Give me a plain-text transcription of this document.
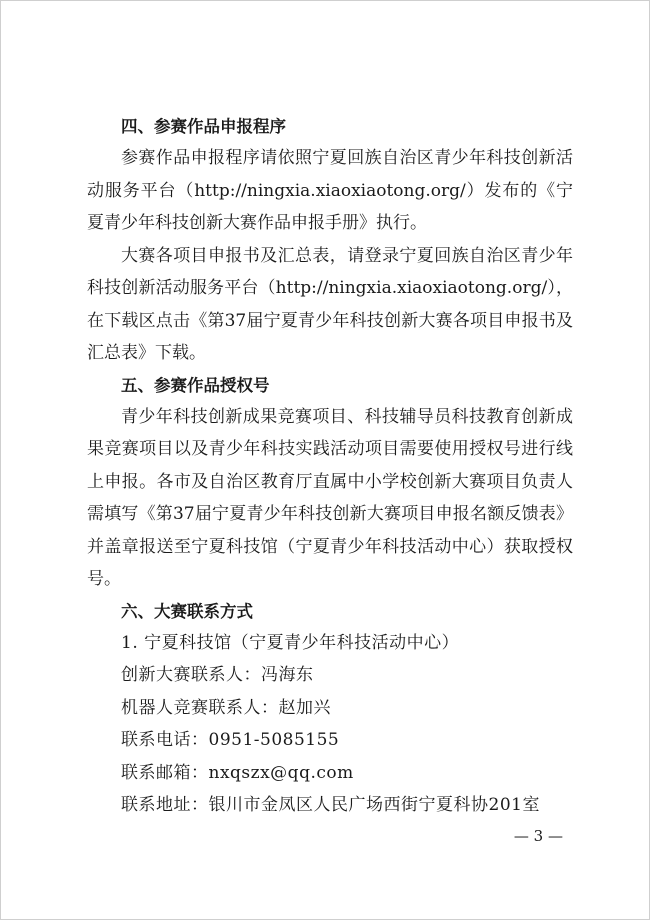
四、参赛作品申报程序

参赛作品申报程序请依照宁夏回族自治区青少年科技创新活动服务平台（http://ningxia.xiaoxiaotong.org/）发布的《宁夏青少年科技创新大赛作品申报手册》执行。

大赛各项目申报书及汇总表，请登录宁夏回族自治区青少年科技创新活动服务平台（http://ningxia.xiaoxiaotong.org/），在下载区点击《第37届宁夏青少年科技创新大赛各项目申报书及汇总表》下载。

五、参赛作品授权号

青少年科技创新成果竞赛项目、科技辅导员科技教育创新成果竞赛项目以及青少年科技实践活动项目需要使用授权号进行线上申报。各市及自治区教育厅直属中小学校创新大赛项目负责人需填写《第37届宁夏青少年科技创新大赛项目申报名额反馈表》并盖章报送至宁夏科技馆（宁夏青少年科技活动中心）获取授权号。

六、大赛联系方式
1. 宁夏科技馆（宁夏青少年科技活动中心）
创新大赛联系人：冯海东
机器人竞赛联系人：赵加兴
联系电话：0951-5085155
联系邮箱：nxqszx@qq.com
联系地址：银川市金凤区人民广场西街宁夏科协201室
— 3 —
